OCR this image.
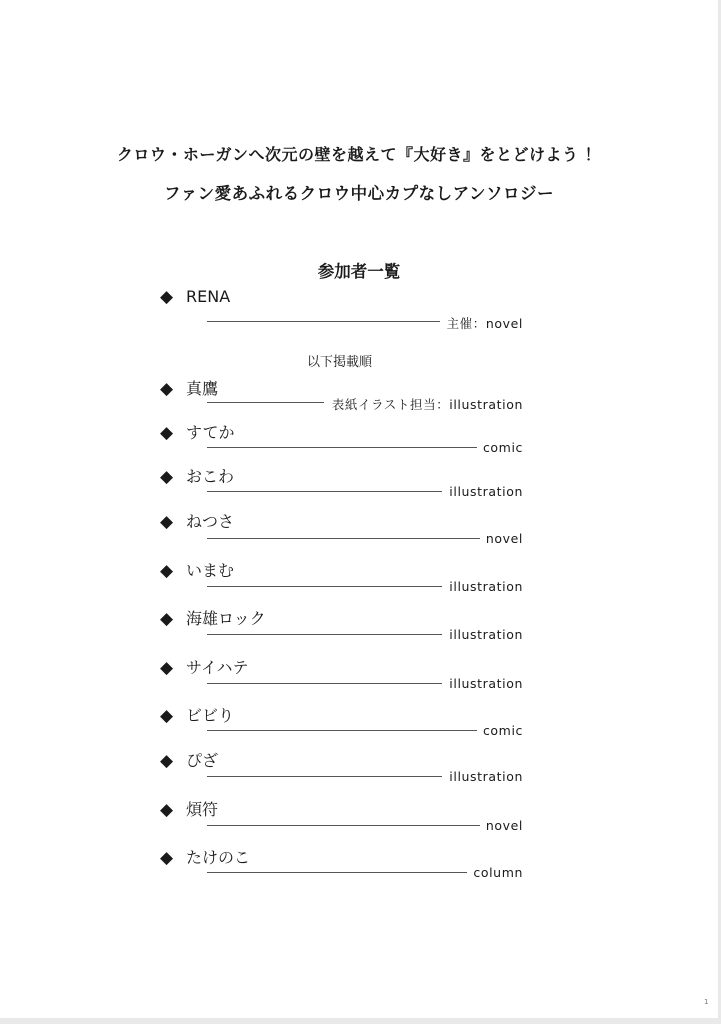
クロウ・ホーガンへ次元の壁を越えて『大好き』をとどけよう ！
ファン愛あふれるクロウ中心カプなしアンソロジー
参加者一覧
◆ RENA
主催：novel
以下掲載順
◆ 真鷹
表紙イラスト担当：illustration
◆ すてか
comic
◆ おこわ
illustration
◆ ねつさ
novel
◆ いまむ
illustration
◆ 海雄ロック
illustration
◆ サイハテ
illustration
◆ ビビり
comic
◆ ぴざ
illustration
◆ 煩符
novel
◆ たけのこ
column
1
